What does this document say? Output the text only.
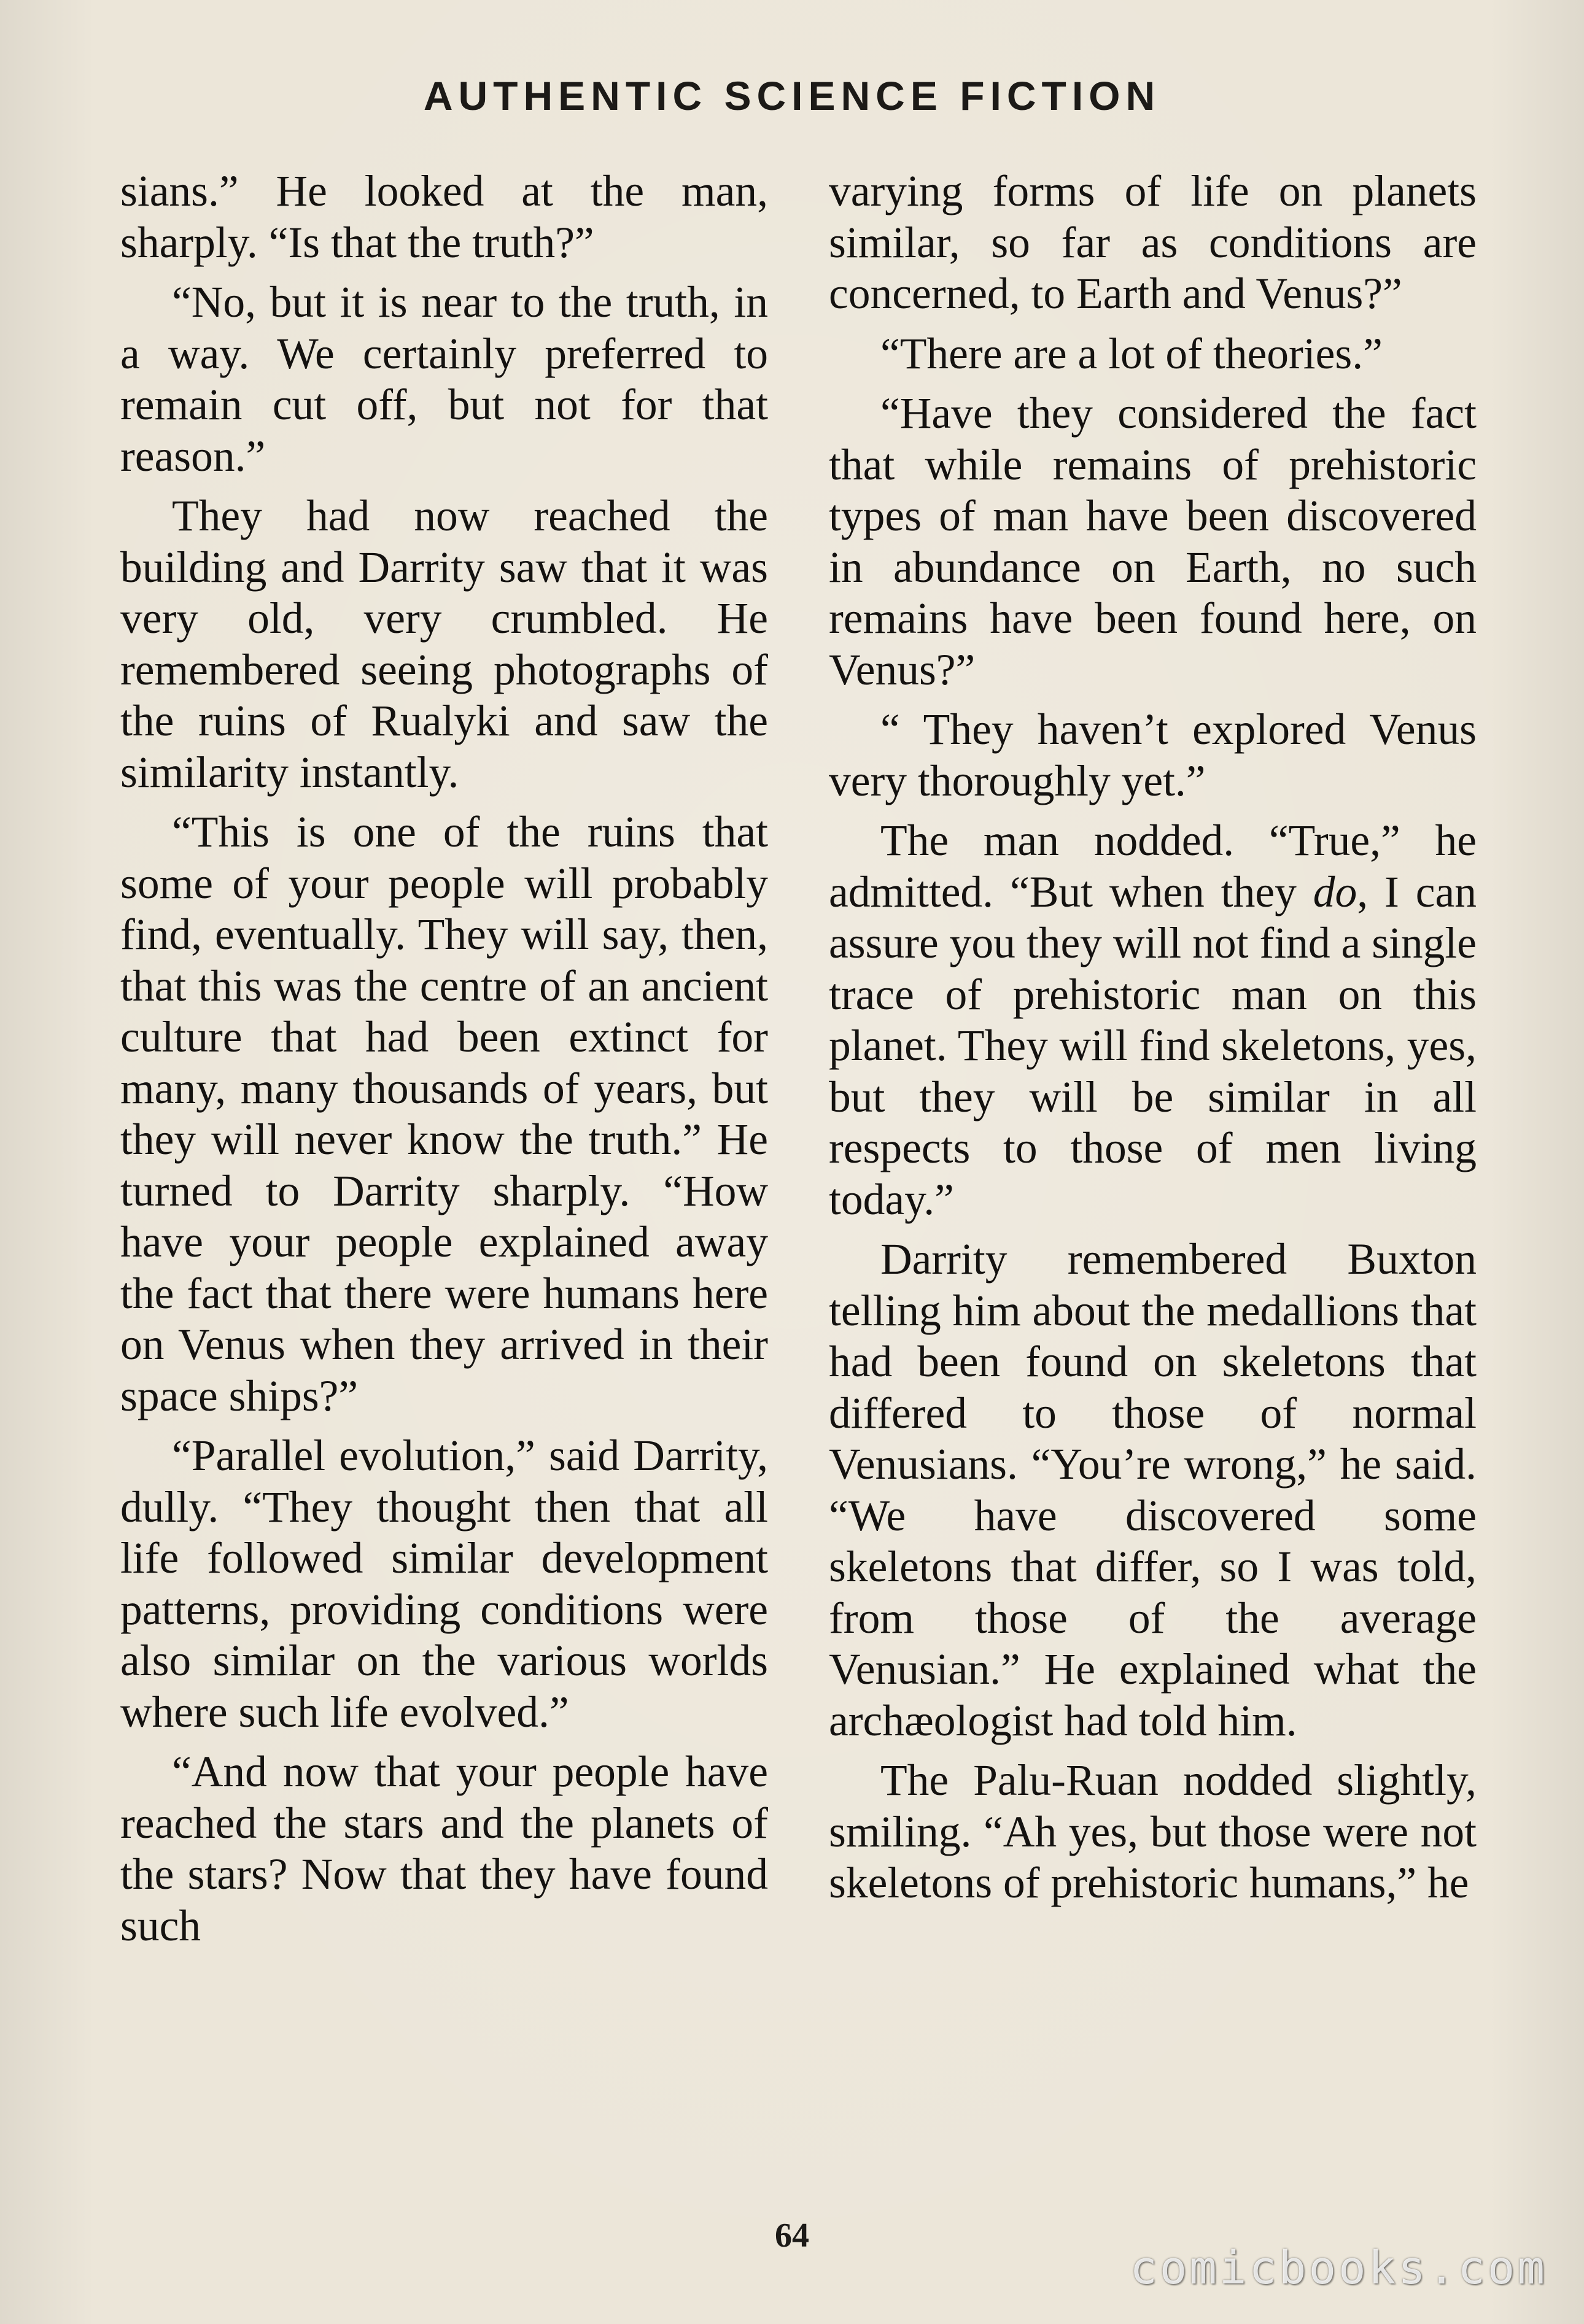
AUTHENTIC SCIENCE FICTION

sians.” He looked at the man, sharply. “Is that the truth?”

“No, but it is near to the truth, in a way. We certainly preferred to remain cut off, but not for that reason.”

They had now reached the building and Darrity saw that it was very old, very crumbled. He remembered seeing photographs of the ruins of Rualyki and saw the similarity instantly.

“This is one of the ruins that some of your people will probably find, eventually. They will say, then, that this was the centre of an ancient culture that had been extinct for many, many thousands of years, but they will never know the truth.” He turned to Darrity sharply. “How have your people explained away the fact that there were humans here on Venus when they arrived in their space ships?”

“Parallel evolution,” said Darrity, dully. “They thought then that all life followed similar development patterns, providing conditions were also similar on the various worlds where such life evolved.”

“And now that your people have reached the stars and the planets of the stars? Now that they have found such

varying forms of life on planets similar, so far as conditions are concerned, to Earth and Venus?”

“There are a lot of theories.”

“Have they considered the fact that while remains of prehistoric types of man have been discovered in abundance on Earth, no such remains have been found here, on Venus?”

“ They haven’t explored Venus very thoroughly yet.”

The man nodded. “True,” he admitted. “But when they do, I can assure you they will not find a single trace of prehistoric man on this planet. They will find skeletons, yes, but they will be similar in all respects to those of men living today.”

Darrity remembered Buxton telling him about the medallions that had been found on skeletons that differed to those of normal Venusians. “You’re wrong,” he said. “We have discovered some skeletons that differ, so I was told, from those of the average Venusian.” He explained what the archæologist had told him.

The Palu-Ruan nodded slightly, smiling. “Ah yes, but those were not skeletons of prehistoric humans,” he

64
comicbooks.com
